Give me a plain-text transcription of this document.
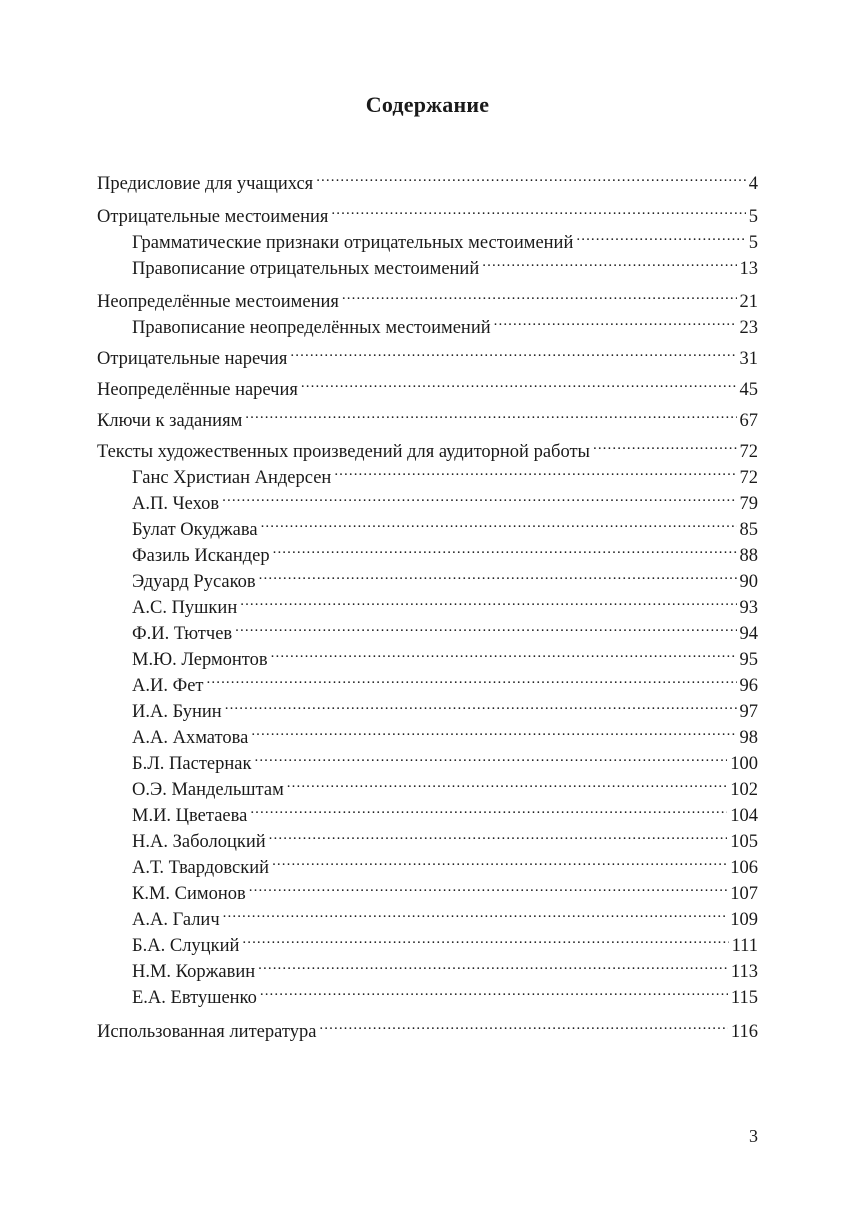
Содержание
Предисловие для учащихся .....	4
Отрицательные местоимения .....	5
Грамматические признаки отрицательных местоимений .....	5
Правописание отрицательных местоимений .....	13
Неопределённые местоимения .....	21
Правописание неопределённых местоимений .....	23
Отрицательные наречия .....	31
Неопределённые наречия .....	45
Ключи к заданиям .....	67
Тексты художественных произведений для аудиторной работы .....	72
Ганс Христиан Андерсен .....	72
А.П. Чехов .....	79
Булат Окуджава .....	85
Фазиль Искандер .....	88
Эдуард Русаков .....	90
А.С. Пушкин .....	93
Ф.И. Тютчев .....	94
М.Ю. Лермонтов .....	95
А.И. Фет .....	96
И.А. Бунин .....	97
А.А. Ахматова .....	98
Б.Л. Пастернак .....	100
О.Э. Мандельштам .....	102
М.И. Цветаева .....	104
Н.А. Заболоцкий .....	105
А.Т. Твардовский .....	106
К.М. Симонов .....	107
А.А. Галич .....	109
Б.А. Слуцкий .....	111
Н.М. Коржавин .....	113
Е.А. Евтушенко .....	115
Использованная литература .....	116
3
